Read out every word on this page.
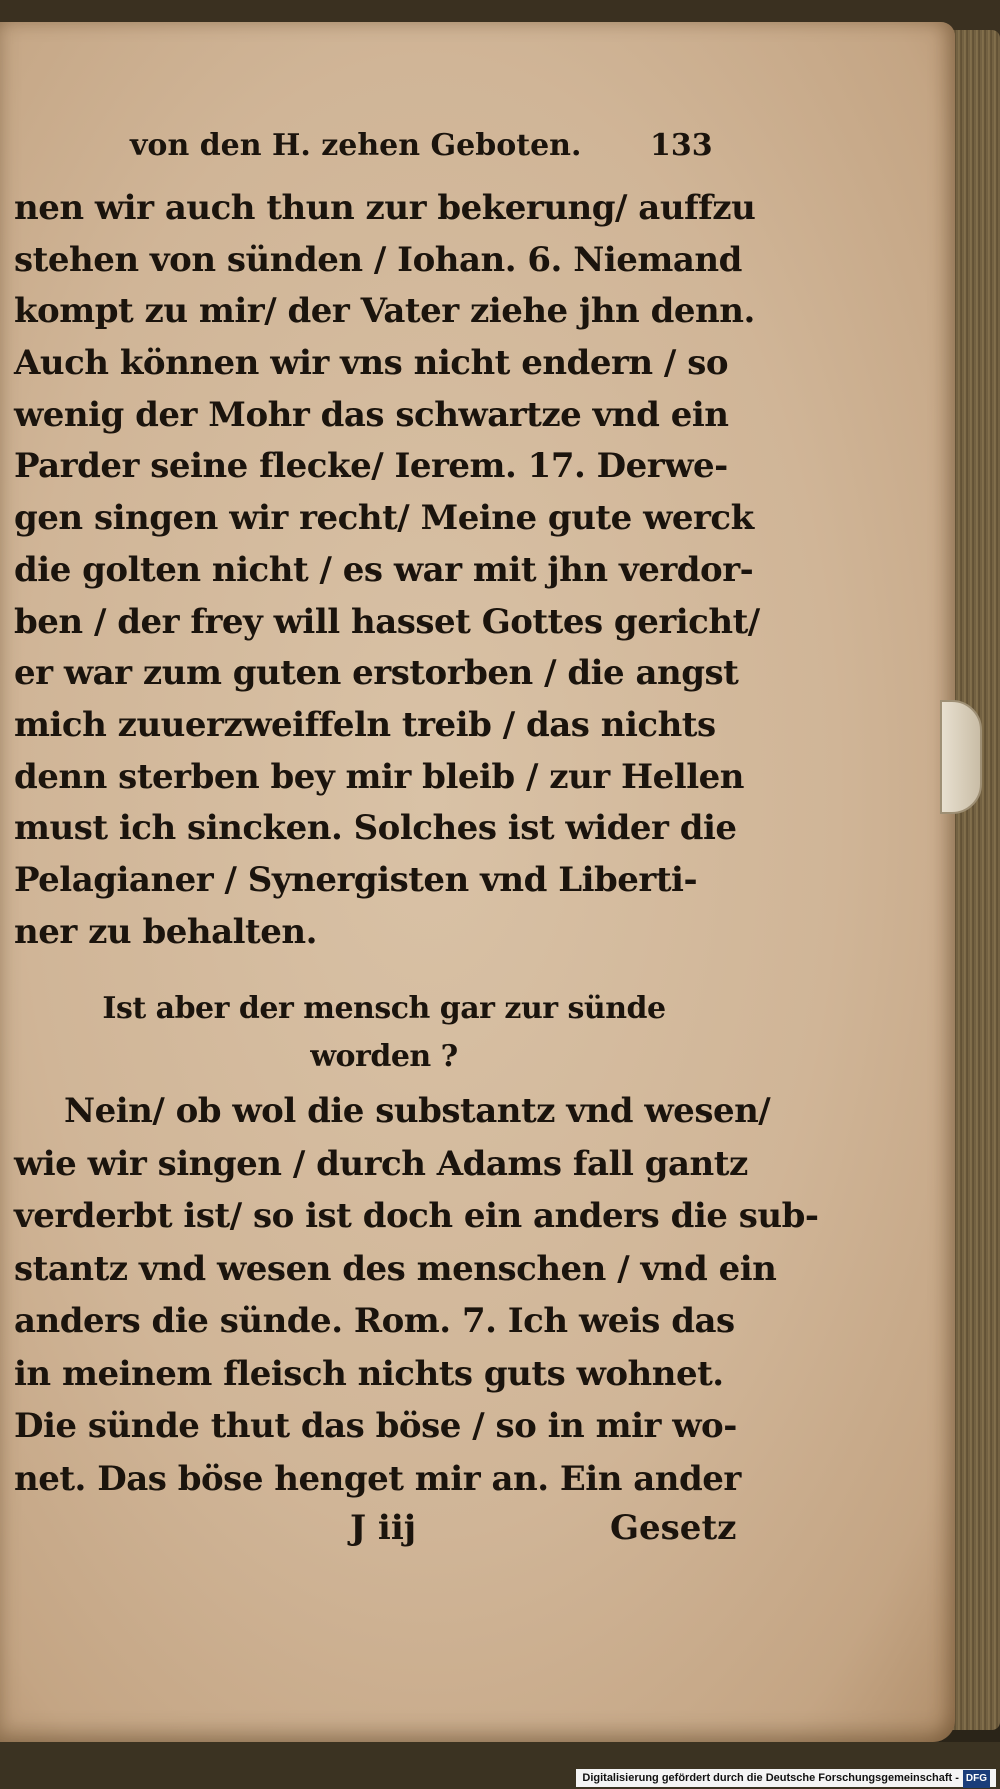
von den H. zehen Geboten. 133
nen wir auch thun zur bekerung/ auffzu
stehen von sünden / Iohan. 6. Niemand
kompt zu mir/ der Vater ziehe jhn denn.
Auch können wir vns nicht endern / so
wenig der Mohr das schwartze vnd ein
Parder seine flecke/ Ierem. 17. Derwe-
gen singen wir recht/ Meine gute werck
die golten nicht / es war mit jhn verdor-
ben / der frey will hasset Gottes gericht/
er war zum guten erstorben / die angst
mich zuuerzweiffeln treib / das nichts
denn sterben bey mir bleib / zur Hellen
must ich sincken. Solches ist wider die
Pelagianer / Synergisten vnd Liberti-
ner zu behalten.
Ist aber der mensch gar zur sünde
worden ?
Nein/ ob wol die substantz vnd wesen/
wie wir singen / durch Adams fall gantz
verderbt ist/ so ist doch ein anders die sub-
stantz vnd wesen des menschen / vnd ein
anders die sünde. Rom. 7. Ich weis das
in meinem fleisch nichts guts wohnet.
Die sünde thut das böse / so in mir wo-
net. Das böse henget mir an. Ein ander
J iij	Gesetz
Digitalisierung gefördert durch die Deutsche Forschungsgemeinschaft - DFG
